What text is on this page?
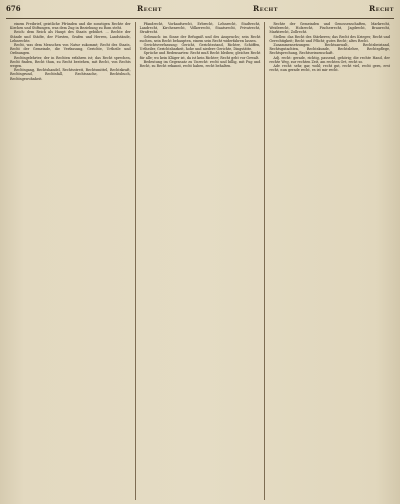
676	Recht	Recht	Recht

einem Freibrief, geistliche Pfründen und die sonstigen Rechte der Kirchen und Stiftungen, was dem Zug in Beziehung zu Rom steht.

Reich: dem Reich als Haupt des Staats gebührt. ... Rechte der Stände und Städte, der Fürsten, Grafen und Herren, Landstände, Lehnrechte.

Recht, was dem Menschen von Natur zukommt; Recht des Staats, Recht der Gemeinde, die Verfassung, Gerichte, Urtheile und Ordnungen.

Rechtsgelehrter, der in Rechten erfahren ist; das Recht sprechen, Recht finden, Recht thun, zu Recht bestehen, mit Recht, von Rechts wegen.

Rechtsgang, Rechtshandel, Rechtsstreit, Rechtsmittel, Rechtskraft, Rechtsgrund, Rechtsfall, Rechtssache, Rechtsbuch, Rechtsgewohnheit.

Pfandrecht, Vorkaufsrecht, Erbrecht, Lehnrecht, Stadtrecht, Landrecht, Kirchenrecht, Völkerrecht, Staatsrecht, Privatrecht, Strafrecht.

Gebrauch: im Sinne der Befugniß und des Anspruchs; sein Recht suchen, sein Recht behaupten, einem sein Recht widerfahren lassen.

Gerichtsverfassung: Gericht, Gerichtsstand, Richter, Schöffen, Urtheiler, Gerichtsbarkeit, hohe und niedere Gerichte, Dingstätte.

Sprüche und Redensarten: Recht muß Recht bleiben; gleiches Recht für alle; wo kein Kläger ist, da ist kein Richter; Recht geht vor Gewalt.

Bedeutung im Gegensatz zu Unrecht: recht und billig, mit Fug und Recht, zu Recht erkannt, recht haben, recht behalten.

Rechte der Gemeinden und Genossenschaften, Markrecht, Weiderecht, Holzrecht, Fischerrecht, Jagdrecht, Braurecht, Marktrecht, Zollrecht.

Stellen: das Recht des Stärkeren; das Recht des Krieges; Recht und Gerechtigkeit; Recht und Pflicht; gutes Recht; altes Recht.

Zusammensetzungen: Rechtsanwalt, Rechtsbeistand, Rechtsgutachten, Rechtskunde, Rechtslehre, Rechtspflege, Rechtsprechung, Rechtswissenschaft.

Adj. recht: gerade, richtig, passend, gehörig; die rechte Hand, der rechte Weg, zur rechten Zeit, am rechten Ort, recht so.

Adv. recht: sehr, gar, wohl; recht gut, recht viel, recht gern, erst recht, nun gerade recht, es ist mir recht.
